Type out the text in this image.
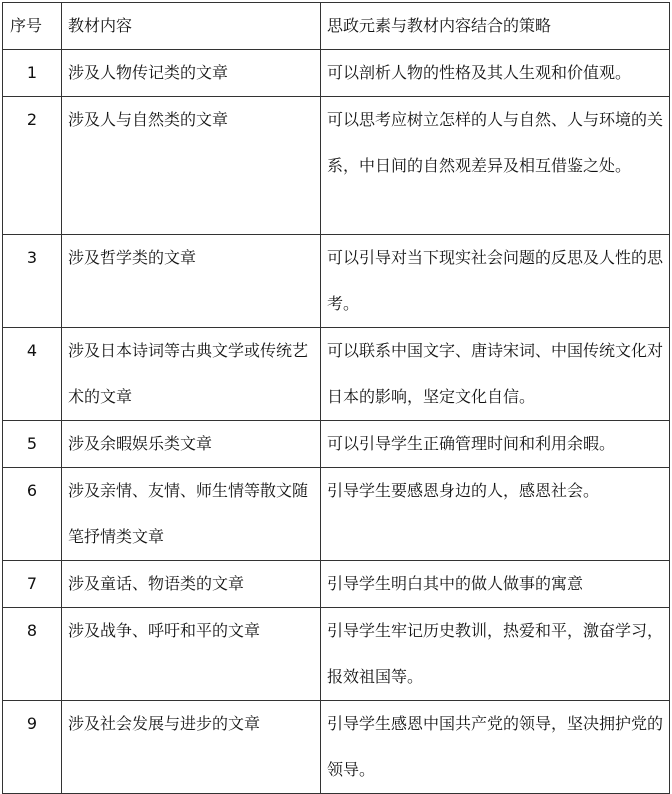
序号	教材内容	思政元素与教材内容结合的策略
1	涉及人物传记类的文章	可以剖析人物的性格及其人生观和价值观。

2	涉及人与自然类的文章	可以思考应树立怎样的人与自然、人与环境的关系，中日间的自然观差异及相互借鉴之处。

3	涉及哲学类的文章	可以引导对当下现实社会问题的反思及人性的思考。

4	涉及日本诗词等古典文学或传统艺术的文章	可以联系中国文字、唐诗宋词、中国传统文化对日本的影响，坚定文化自信。

5	涉及余暇娱乐类文章	可以引导学生正确管理时间和利用余暇。

6	涉及亲情、友情、师生情等散文随笔抒情类文章	引导学生要感恩身边的人，感恩社会。

7	涉及童话、物语类的文章	引导学生明白其中的做人做事的寓意

8	涉及战争、呼吁和平的文章	引导学生牢记历史教训，热爱和平，激奋学习，报效祖国等。

9	涉及社会发展与进步的文章	引导学生感恩中国共产党的领导，坚决拥护党的领导。
